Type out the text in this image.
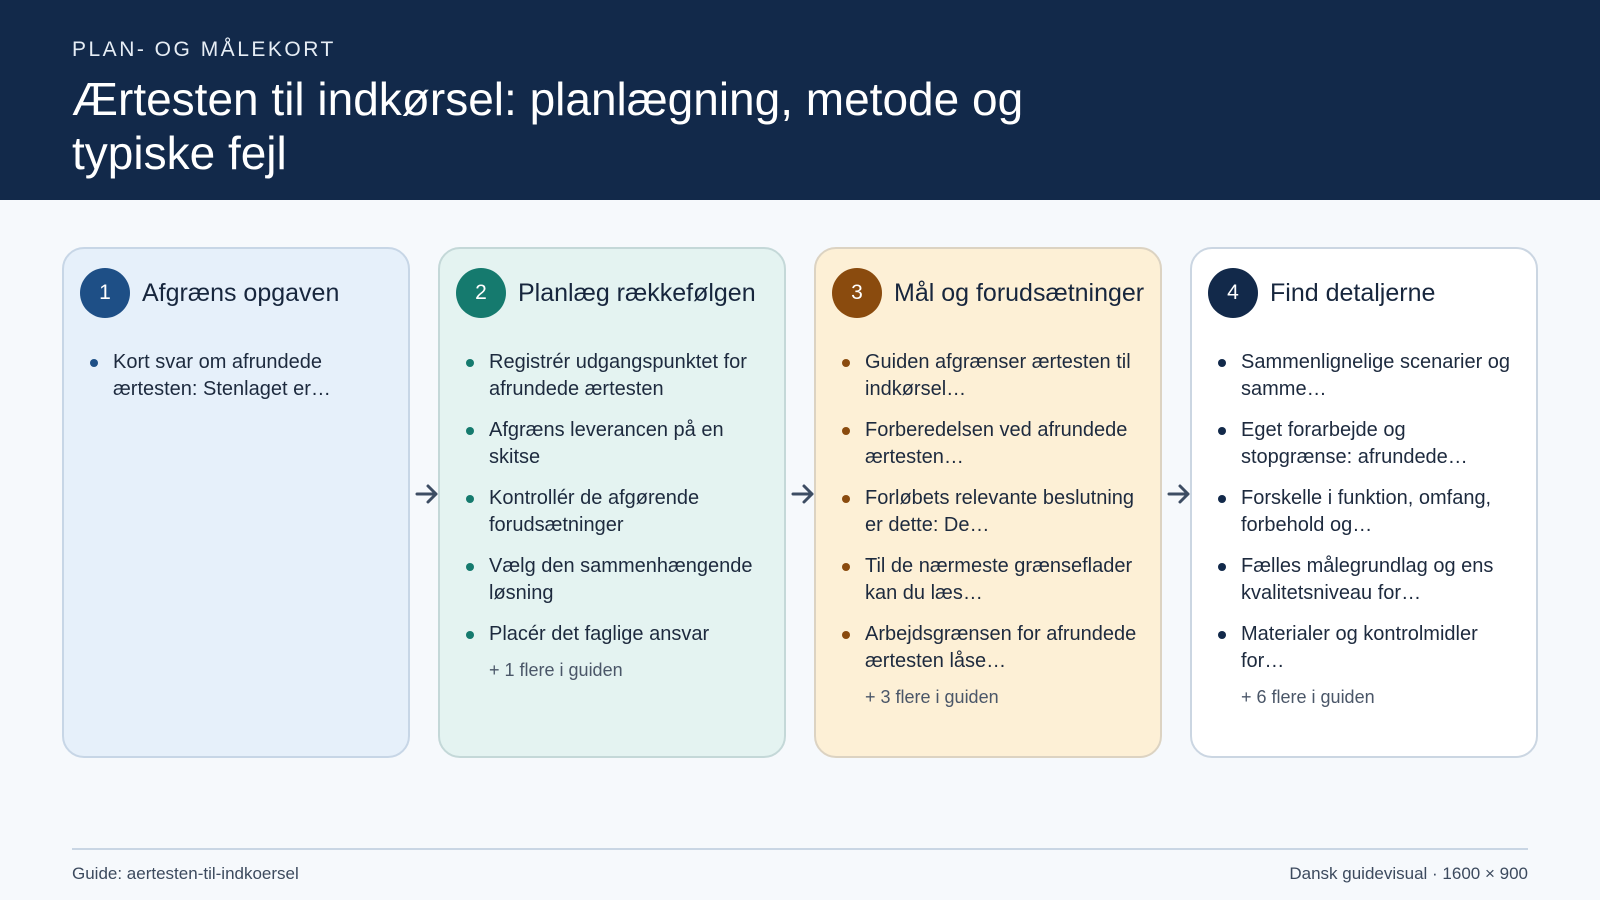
PLAN- OG MÅLEKORT
Ærtesten til indkørsel: planlægning, metode og typiske fejl
1	Afgræns opgaven
Kort svar om afrundede ærtesten: Stenlaget er…
2	Planlæg rækkefølgen
Registrér udgangspunktet for afrundede ærtesten
Afgræns leverancen på en skitse
Kontrollér de afgørende forudsætninger
Vælg den sammenhængende løsning
Placér det faglige ansvar
+ 1 flere i guiden
3	Mål og forudsætninger
Guiden afgrænser ærtesten til indkørsel…
Forberedelsen ved afrundede ærtesten…
Forløbets relevante beslutning er dette: De…
Til de nærmeste grænseflader kan du læs…
Arbejdsgrænsen for afrundede ærtesten låse…
+ 3 flere i guiden
4	Find detaljerne
Sammenlignelige scenarier og samme…
Eget forarbejde og stopgrænse: afrundede…
Forskelle i funktion, omfang, forbehold og…
Fælles målegrundlag og ens kvalitetsniveau for…
Materialer og kontrolmidler for…
+ 6 flere i guiden
Guide: aertesten-til-indkoersel	Dansk guidevisual · 1600 × 900
